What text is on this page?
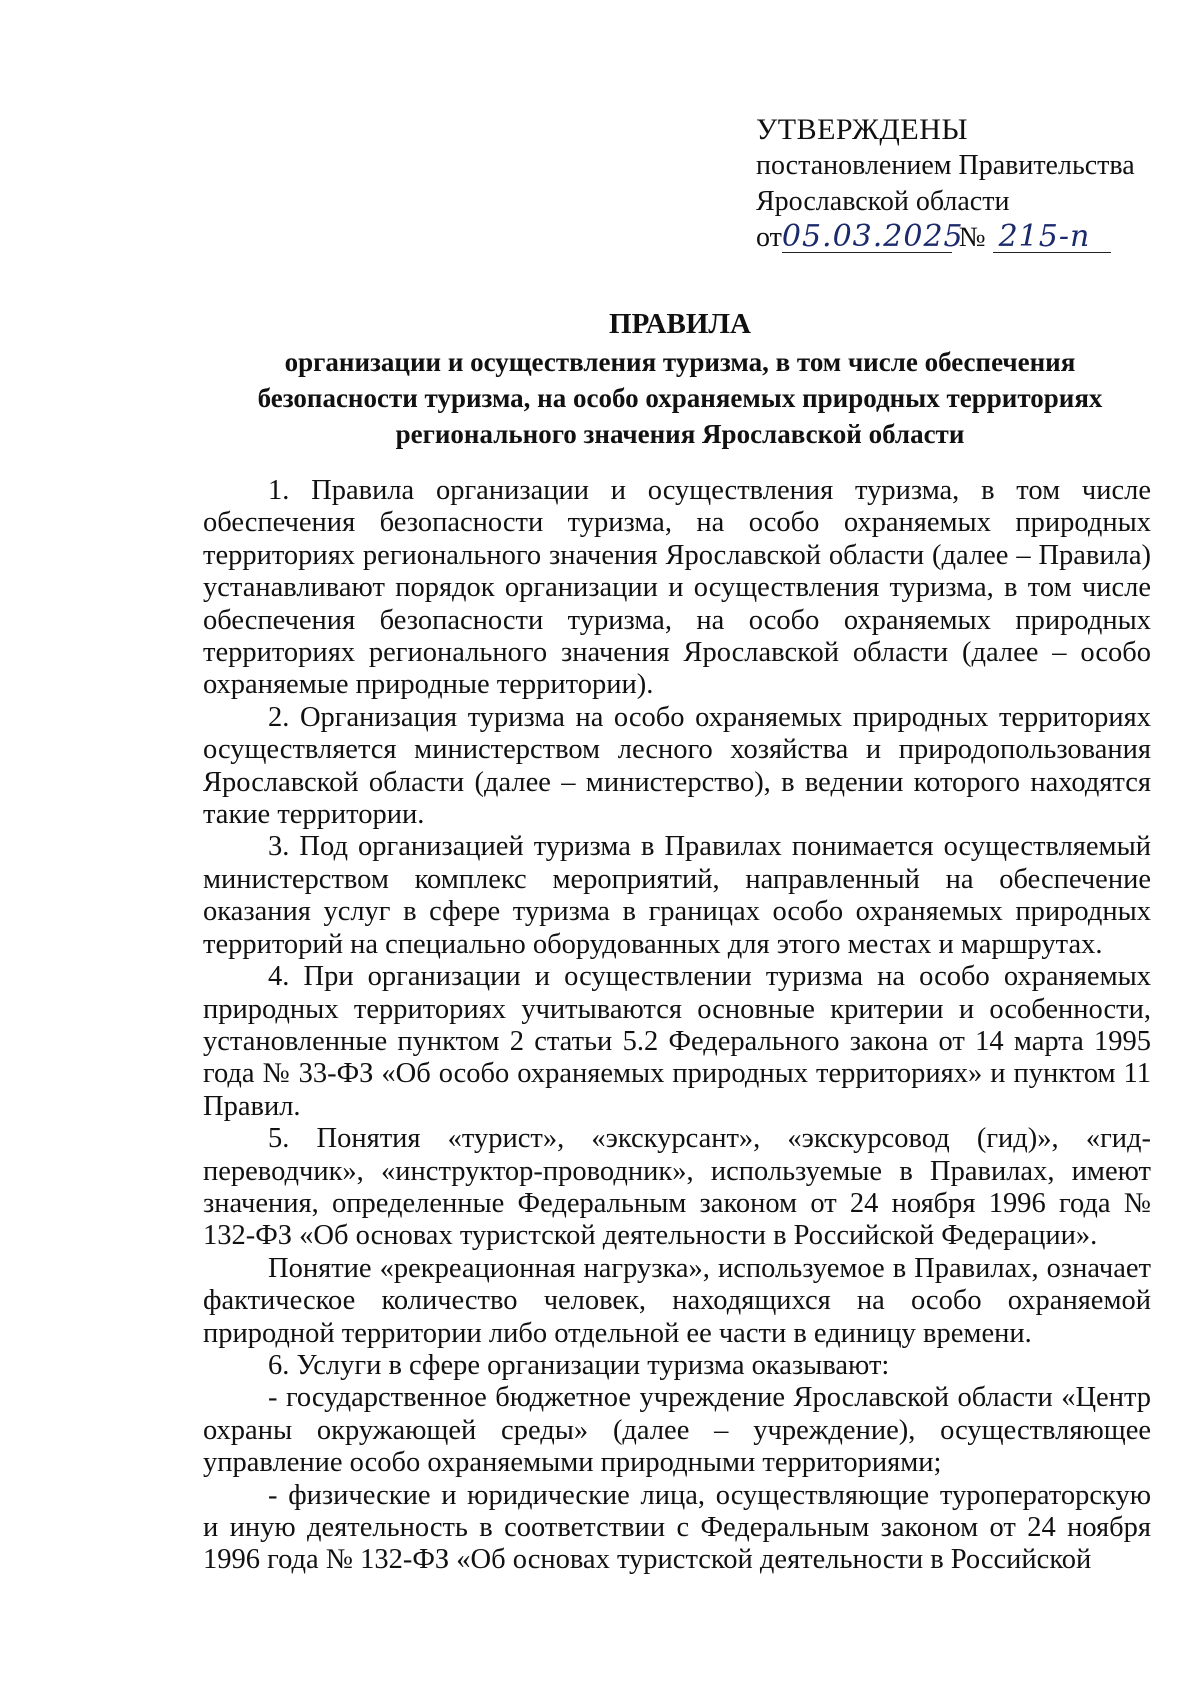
УТВЕРЖДЕНЫ
постановлением Правительства
Ярославской области
от05.03.2025 № 215-п
ПРАВИЛА
организации и осуществления туризма, в том числе обеспечения
безопасности туризма, на особо охраняемых природных территориях
регионального значения Ярославской области

1. Правила организации и осуществления туризма, в том числе обеспечения безопасности туризма, на особо охраняемых природных территориях регионального значения Ярославской области (далее – Правила) устанавливают порядок организации и осуществления туризма, в том числе обеспечения безопасности туризма, на особо охраняемых природных территориях регионального значения Ярославской области (далее – особо охраняемые природные территории).

2. Организация туризма на особо охраняемых природных территориях осуществляется министерством лесного хозяйства и природопользования Ярославской области (далее – министерство), в ведении которого находятся такие территории.

3. Под организацией туризма в Правилах понимается осуществляемый министерством комплекс мероприятий, направленный на обеспечение оказания услуг в сфере туризма в границах особо охраняемых природных территорий на специально оборудованных для этого местах и маршрутах.

4. При организации и осуществлении туризма на особо охраняемых природных территориях учитываются основные критерии и особенности, установленные пунктом 2 статьи 5.2 Федерального закона от 14 марта 1995 года № 33-ФЗ «Об особо охраняемых природных территориях» и пунктом 11 Правил.

5. Понятия «турист», «экскурсант», «экскурсовод (гид)», «гид-переводчик», «инструктор-проводник», используемые в Правилах, имеют значения, определенные Федеральным законом от 24 ноября 1996 года № 132-ФЗ «Об основах туристской деятельности в Российской Федерации».

Понятие «рекреационная нагрузка», используемое в Правилах, означает фактическое количество человек, находящихся на особо охраняемой природной территории либо отдельной ее части в единицу времени.

6. Услуги в сфере организации туризма оказывают:

- государственное бюджетное учреждение Ярославской области «Центр охраны окружающей среды» (далее – учреждение), осуществляющее управление особо охраняемыми природными территориями;

- физические и юридические лица, осуществляющие туроператорскую и иную деятельность в соответствии с Федеральным законом от 24 ноября 1996 года № 132-ФЗ «Об основах туристской деятельности в Российской
